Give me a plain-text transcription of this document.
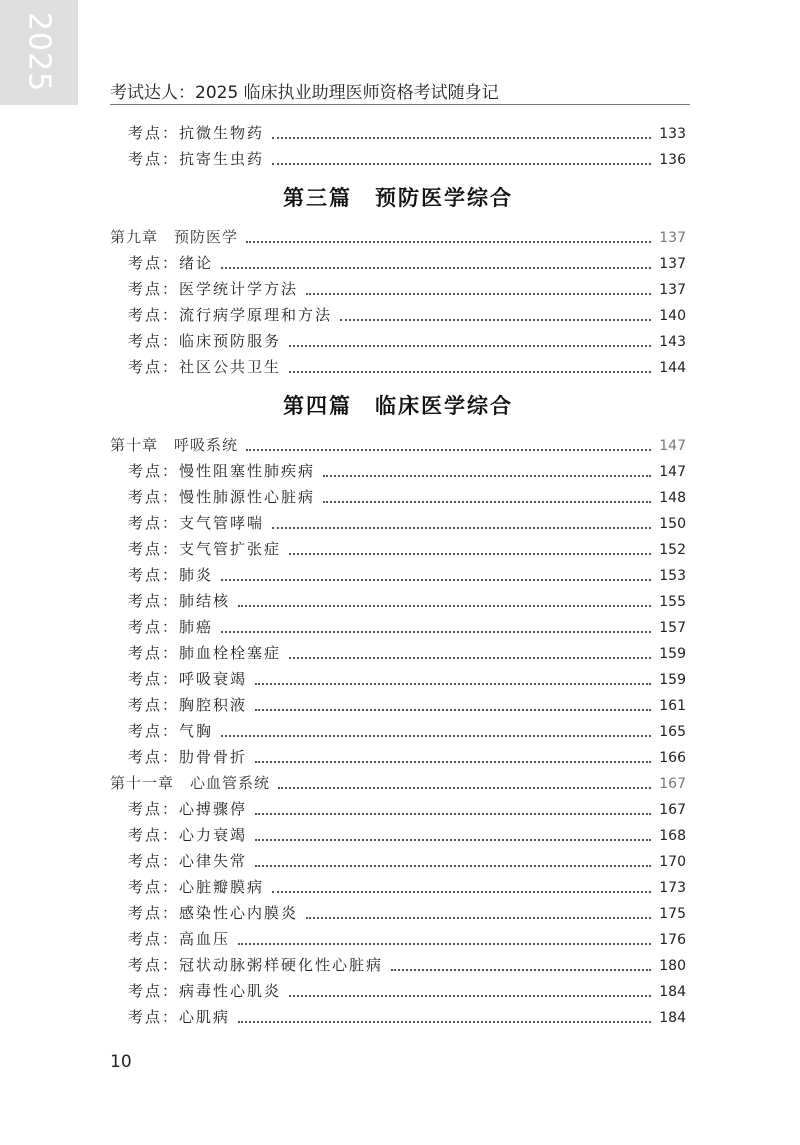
2025
考试达人：2025 临床执业助理医师资格考试随身记
考点：抗微生物药	133
考点：抗寄生虫药	136
第三篇　预防医学综合
第九章　预防医学	137
考点：绪论	137
考点：医学统计学方法	137
考点：流行病学原理和方法	140
考点：临床预防服务	143
考点：社区公共卫生	144
第四篇　临床医学综合
第十章　呼吸系统	147
考点：慢性阻塞性肺疾病	147
考点：慢性肺源性心脏病	148
考点：支气管哮喘	150
考点：支气管扩张症	152
考点：肺炎	153
考点：肺结核	155
考点：肺癌	157
考点：肺血栓栓塞症	159
考点：呼吸衰竭	159
考点：胸腔积液	161
考点：气胸	165
考点：肋骨骨折	166
第十一章　心血管系统	167
考点：心搏骤停	167
考点：心力衰竭	168
考点：心律失常	170
考点：心脏瓣膜病	173
考点：感染性心内膜炎	175
考点：高血压	176
考点：冠状动脉粥样硬化性心脏病	180
考点：病毒性心肌炎	184
考点：心肌病	184
10
